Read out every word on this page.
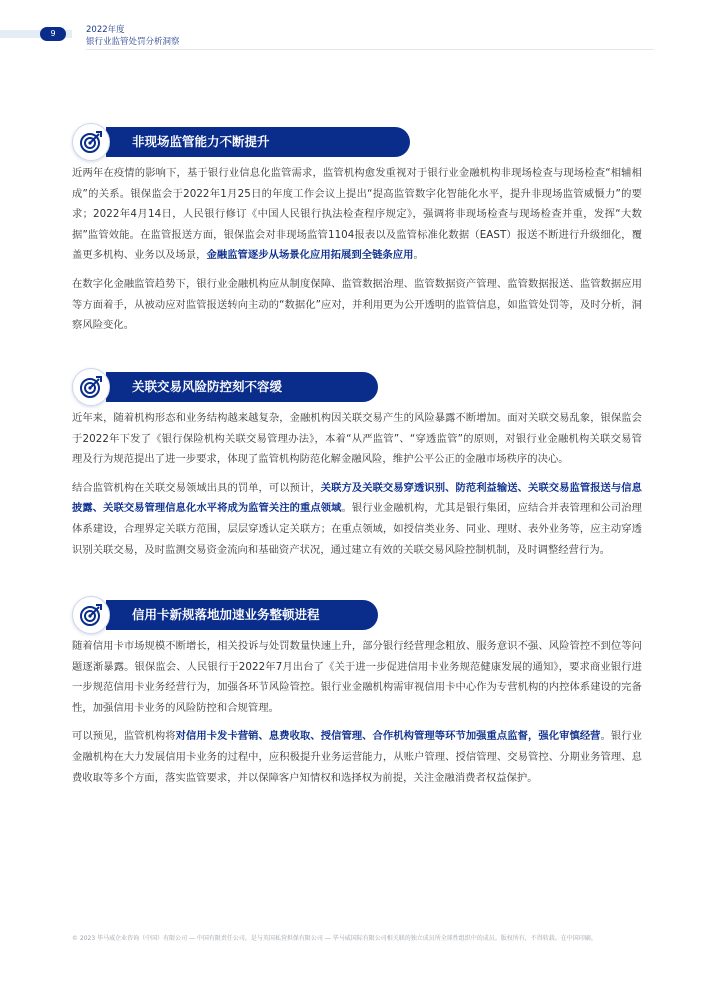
9	2022年度
银行业监管处罚分析洞察
非现场监管能力不断提升

近两年在疫情的影响下，基于银行业信息化监管需求，监管机构愈发重视对于银行业金融机构非现场检查与现场检查“相辅相成”的关系。银保监会于2022年1月25日的年度工作会议上提出“提高监管数字化智能化水平，提升非现场监管威慑力”的要求；2022年4月14日，人民银行修订《中国人民银行执法检查程序规定》，强调将非现场检查与现场检查并重，发挥“大数据”监管效能。在监管报送方面，银保监会对非现场监管1104报表以及监管标准化数据（EAST）报送不断进行升级细化，覆盖更多机构、业务以及场景，金融监管逐步从场景化应用拓展到全链条应用。

在数字化金融监管趋势下，银行业金融机构应从制度保障、监管数据治理、监管数据资产管理、监管数据报送、监管数据应用等方面着手，从被动应对监管报送转向主动的“数据化”应对，并利用更为公开透明的监管信息，如监管处罚等，及时分析，洞察风险变化。

关联交易风险防控刻不容缓

近年来，随着机构形态和业务结构越来越复杂，金融机构因关联交易产生的风险暴露不断增加。面对关联交易乱象，银保监会于2022年下发了《银行保险机构关联交易管理办法》，本着“从严监管”、“穿透监管”的原则，对银行业金融机构关联交易管理及行为规范提出了进一步要求，体现了监管机构防范化解金融风险，维护公平公正的金融市场秩序的决心。

结合监管机构在关联交易领域出具的罚单，可以预计，关联方及关联交易穿透识别、防范利益输送、关联交易监管报送与信息披露、关联交易管理信息化水平将成为监管关注的重点领域。银行业金融机构，尤其是银行集团，应结合并表管理和公司治理体系建设，合理界定关联方范围，层层穿透认定关联方；在重点领域，如授信类业务、同业、理财、表外业务等，应主动穿透识别关联交易，及时监测交易资金流向和基础资产状况，通过建立有效的关联交易风险控制机制，及时调整经营行为。

信用卡新规落地加速业务整顿进程

随着信用卡市场规模不断增长，相关投诉与处罚数量快速上升，部分银行经营理念粗放、服务意识不强、风险管控不到位等问题逐渐暴露。银保监会、人民银行于2022年7月出台了《关于进一步促进信用卡业务规范健康发展的通知》，要求商业银行进一步规范信用卡业务经营行为，加强各环节风险管控。银行业金融机构需审视信用卡中心作为专营机构的内控体系建设的完备性，加强信用卡业务的风险防控和合规管理。

可以预见，监管机构将对信用卡发卡营销、息费收取、授信管理、合作机构管理等环节加强重点监督，强化审慎经营。银行业金融机构在大力发展信用卡业务的过程中，应积极提升业务运营能力，从账户管理、授信管理、交易管控、分期业务管理、息费收取等多个方面，落实监管要求，并以保障客户知情权和选择权为前提，关注金融消费者权益保护。

© 2023 毕马威企业咨询（中国）有限公司 — 中国有限责任公司，是与英国私营担保有限公司 — 毕马威国际有限公司相关联的独立成员所全球性组织中的成员。版权所有，不得转载。在中国印刷。
